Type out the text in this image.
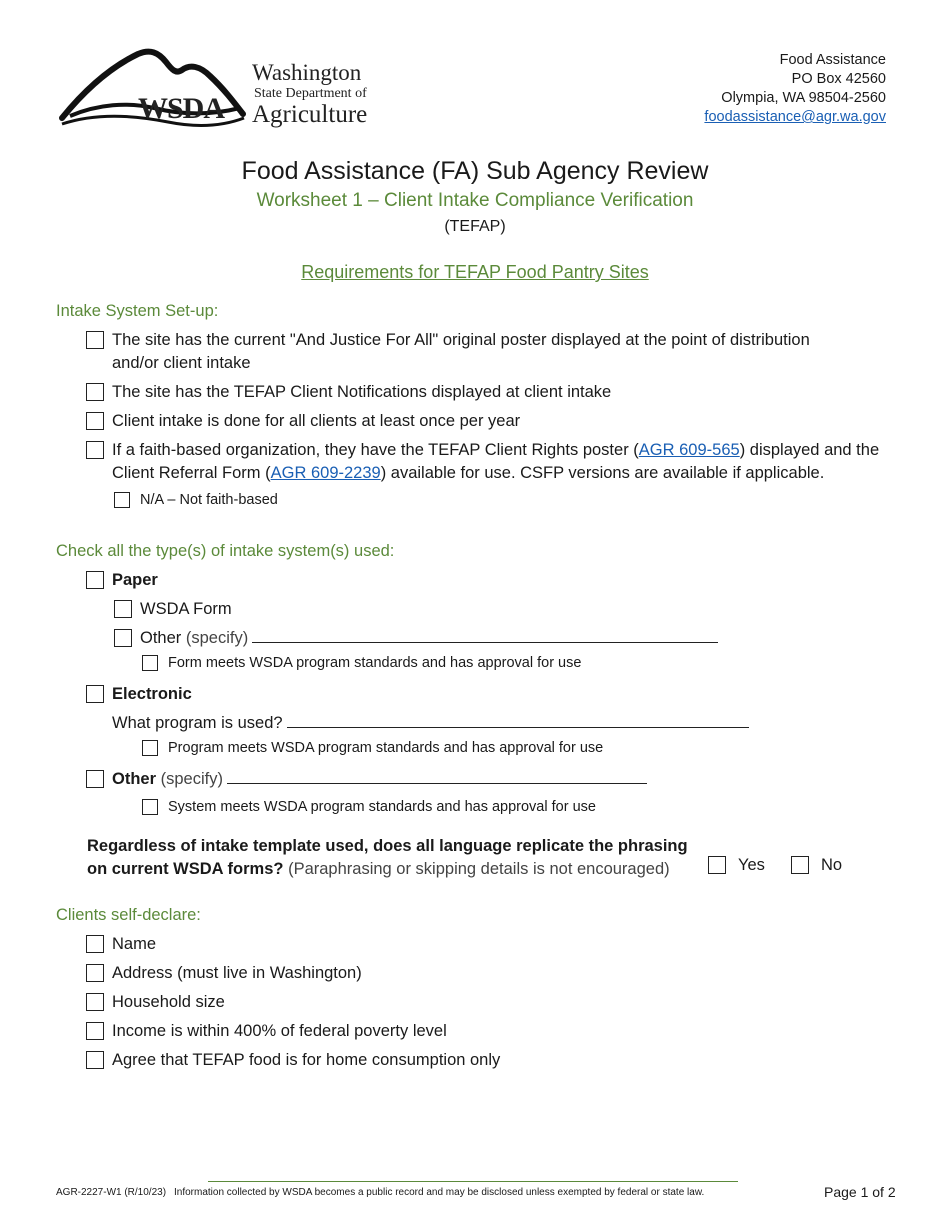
WSDA
Washington
State Department of
Agriculture
Food Assistance
PO Box 42560
Olympia, WA 98504-2560
foodassistance@agr.wa.gov
Food Assistance (FA) Sub Agency Review
Worksheet 1 – Client Intake Compliance Verification
(TEFAP)
Requirements for TEFAP Food Pantry Sites
Intake System Set-up:
The site has the current "And Justice For All" original poster displayed at the point of distribution
and/or client intake
The site has the TEFAP Client Notifications displayed at client intake
Client intake is done for all clients at least once per year
If a faith-based organization, they have the TEFAP Client Rights poster (AGR 609-565) displayed and the
Client Referral Form (AGR 609-2239) available for use. CSFP versions are available if applicable.
N/A – Not faith-based
Check all the type(s) of intake system(s) used:
Paper
WSDA Form
Other (specify)
Form meets WSDA program standards and has approval for use
Electronic
What program is used?
Program meets WSDA program standards and has approval for use
Other (specify)
System meets WSDA program standards and has approval for use
Regardless of intake template used, does all language replicate the phrasing
on current WSDA forms? (Paraphrasing or skipping details is not encouraged)	Yes	No
Clients self-declare:
Name
Address (must live in Washington)
Household size
Income is within 400% of federal poverty level
Agree that TEFAP food is for home consumption only
AGR-2227-W1 (R/10/23) Information collected by WSDA becomes a public record and may be disclosed unless exempted by federal or state law.	Page 1 of 2
